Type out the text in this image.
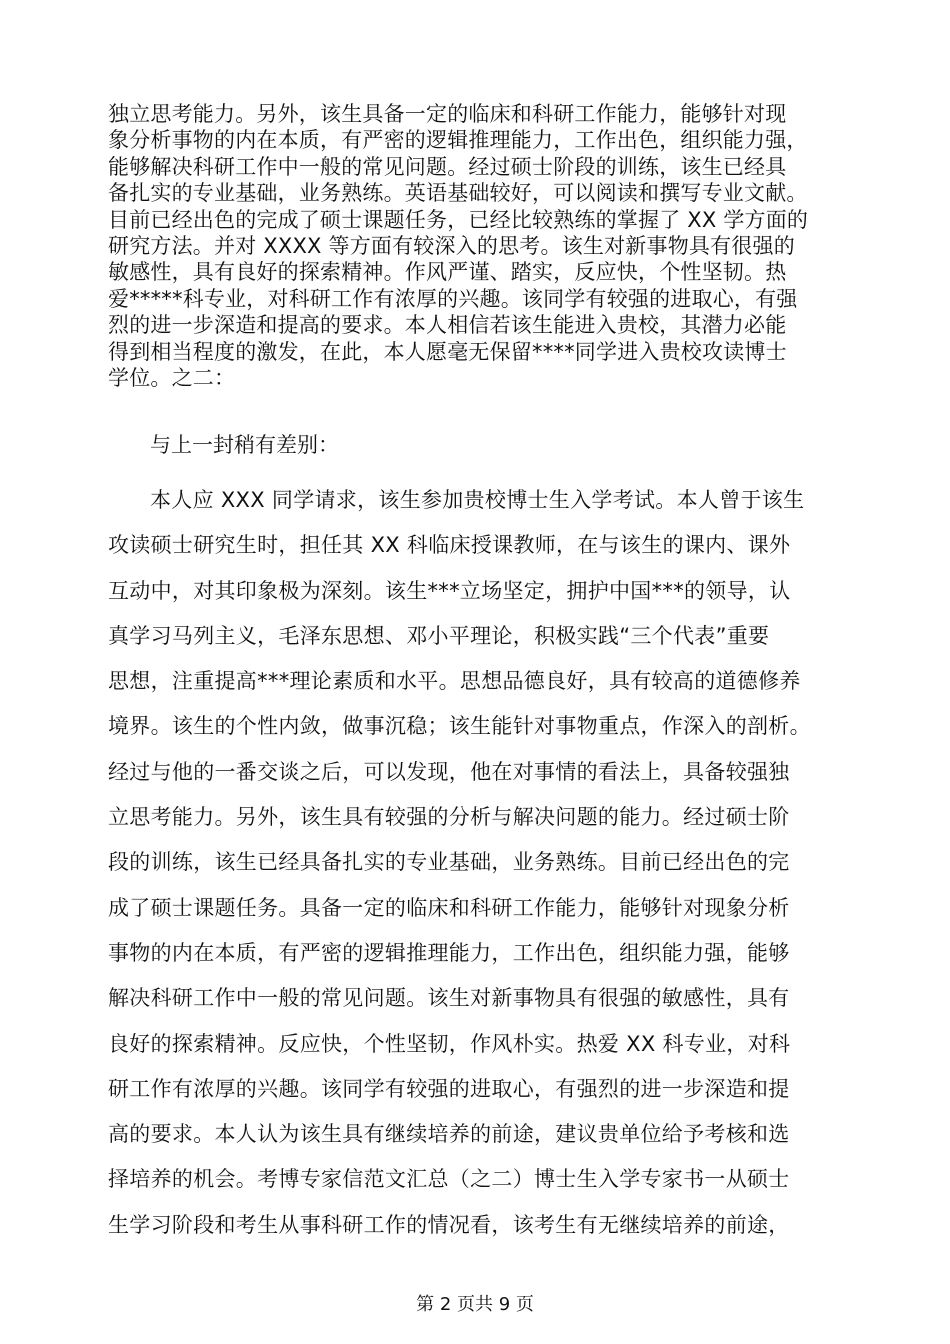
独立思考能力。另外，该生具备一定的临床和科研工作能力，能够针对现
象分析事物的内在本质，有严密的逻辑推理能力，工作出色，组织能力强，
能够解决科研工作中一般的常见问题。经过硕士阶段的训练，该生已经具
备扎实的专业基础，业务熟练。英语基础较好，可以阅读和撰写专业文献。
目前已经出色的完成了硕士课题任务，已经比较熟练的掌握了 XX 学方面的
研究方法。并对 XXXX 等方面有较深入的思考。该生对新事物具有很强的
敏感性，具有良好的探索精神。作风严谨、踏实，反应快，个性坚韧。热
爱*****科专业，对科研工作有浓厚的兴趣。该同学有较强的进取心，有强
烈的进一步深造和提高的要求。本人相信若该生能进入贵校，其潜力必能
得到相当程度的激发，在此，本人愿毫无保留****同学进入贵校攻读博士
学位。之二：
与上一封稍有差别：
本人应 XXX 同学请求，该生参加贵校博士生入学考试。本人曾于该生
攻读硕士研究生时，担任其 XX 科临床授课教师，在与该生的课内、课外
互动中，对其印象极为深刻。该生***立场坚定，拥护中国***的领导，认
真学习马列主义，毛泽东思想、邓小平理论，积极实践“三个代表”重要
思想，注重提高***理论素质和水平。思想品德良好，具有较高的道德修养
境界。该生的个性内敛，做事沉稳；该生能针对事物重点，作深入的剖析。
经过与他的一番交谈之后，可以发现，他在对事情的看法上，具备较强独
立思考能力。另外，该生具有较强的分析与解决问题的能力。经过硕士阶
段的训练，该生已经具备扎实的专业基础，业务熟练。目前已经出色的完
成了硕士课题任务。具备一定的临床和科研工作能力，能够针对现象分析
事物的内在本质，有严密的逻辑推理能力，工作出色，组织能力强，能够
解决科研工作中一般的常见问题。该生对新事物具有很强的敏感性，具有
良好的探索精神。反应快，个性坚韧，作风朴实。热爱 XX 科专业，对科
研工作有浓厚的兴趣。该同学有较强的进取心，有强烈的进一步深造和提
高的要求。本人认为该生具有继续培养的前途，建议贵单位给予考核和选
择培养的机会。考博专家信范文汇总（之二）博士生入学专家书一从硕士
生学习阶段和考生从事科研工作的情况看，该考生有无继续培养的前途，
第 2 页共 9 页
